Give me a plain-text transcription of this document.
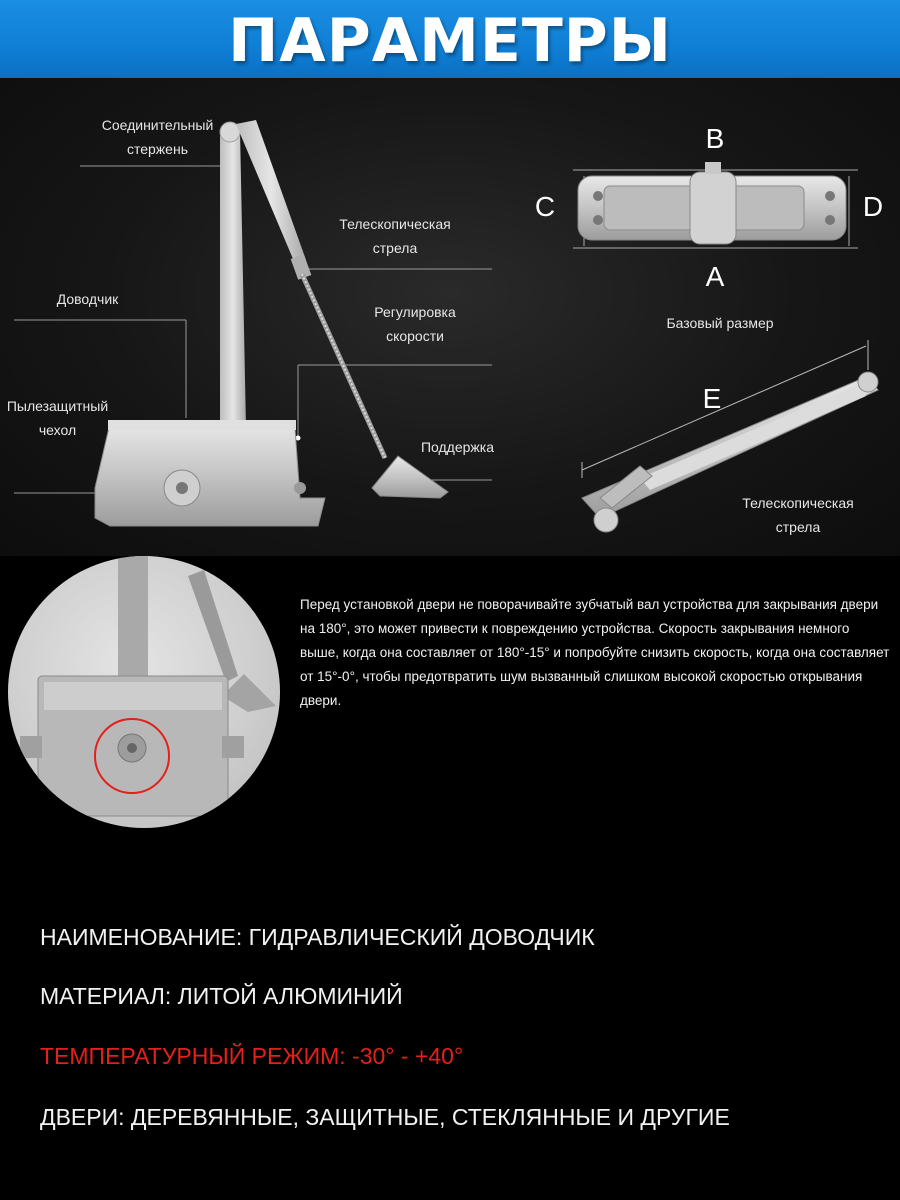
ПАРАМЕТРЫ
Соединительный
стержень
Телескопическая
стрела
Доводчик
Регулировка
скорости
Пылезащитный
чехол
Поддержка
Базовый размер
Телескопическая
стрела
B
C	D
A
E
Перед установкой двери не поворачивайте зубчатый вал устройства для закрывания двери на 180°, это может привести к повреждению устройства. Скорость закрывания немного выше, когда она составляет от 180°-15° и попробуйте снизить скорость, когда она составляет от 15°-0°, чтобы предотвратить шум вызванный слишком высокой скоростью открывания двери.
НАИМЕНОВАНИЕ: ГИДРАВЛИЧЕСКИЙ ДОВОДЧИК
МАТЕРИАЛ: ЛИТОЙ АЛЮМИНИЙ
ТЕМПЕРАТУРНЫЙ РЕЖИМ: -30° - +40°
ДВЕРИ: ДЕРЕВЯННЫЕ, ЗАЩИТНЫЕ, СТЕКЛЯННЫЕ И ДРУГИЕ
